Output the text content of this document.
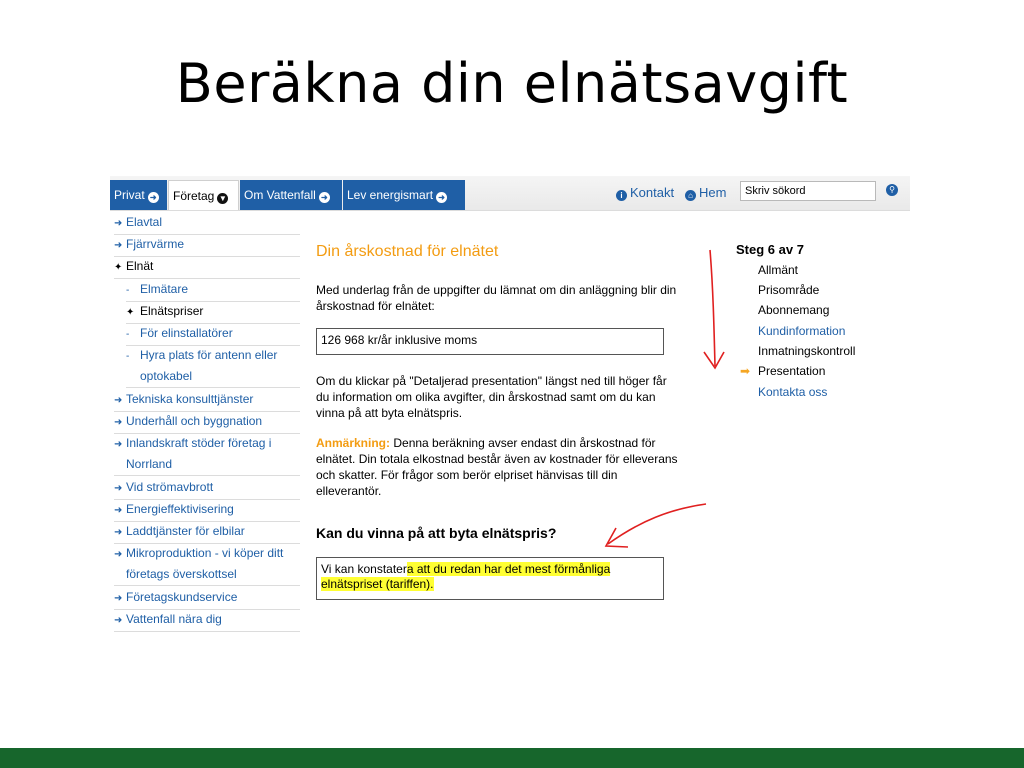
Beräkna din elnätsavgift
Privat ➜	Företag ▼	Om Vattenfall ➜	Lev energismart ➜	i Kontakt	⌂ Hem	Skriv sökord	⚲
➜ Elavtal
➜ Fjärrvärme
✦ Elnät
- Elmätare
✦ Elnätspriser
- För elinstallatörer
- Hyra plats för antenn eller optokabel
➜ Tekniska konsulttjänster
➜ Underhåll och byggnation
➜ Inlandskraft stöder företag i Norrland
➜ Vid strömavbrott
➜ Energieffektivisering
➜ Laddtjänster för elbilar
➜ Mikroproduktion - vi köper ditt företags överskottsel
➜ Företagskundservice
➜ Vattenfall nära dig
Din årskostnad för elnätet
Med underlag från de uppgifter du lämnat om din anläggning blir din årskostnad för elnätet:
126 968 kr/år inklusive moms
Om du klickar på "Detaljerad presentation" längst ned till höger får du information om olika avgifter, din årskostnad samt om du kan vinna på att byta elnätspris.
Anmärkning: Denna beräkning avser endast din årskostnad för elnätet. Din totala elkostnad består även av kostnader för elleverans och skatter. För frågor som berör elpriset hänvisas till din elleverantör.
Kan du vinna på att byta elnätspris?
Vi kan konstatera att du redan har det mest förmånliga
elnätspriset (tariffen).
Steg 6 av 7
Allmänt
Prisområde
Abonnemang
Kundinformation
Inmatningskontroll
➡ Presentation
Kontakta oss
